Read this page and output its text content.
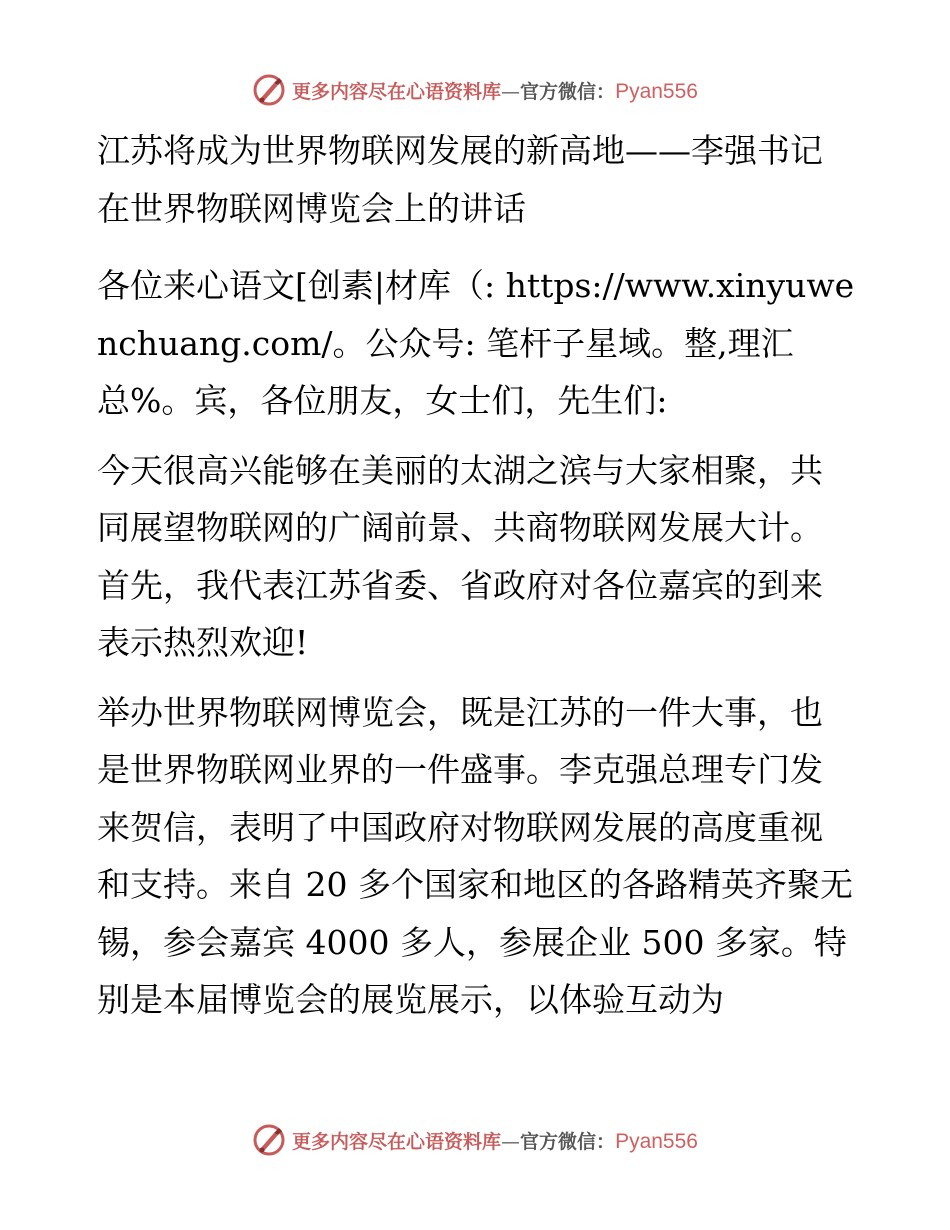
更多内容尽在心语资料库—官方微信：Pyan556

江苏将成为世界物联网发展的新高地——李强书记在世界物联网博览会上的讲话

各位来心语文[创素|材库（: https://www.xinyuwenchuang.com/。公众号: 笔杆子星域。整,理汇总%。宾，各位朋友，女士们，先生们:

今天很高兴能够在美丽的太湖之滨与大家相聚，共同展望物联网的广阔前景、共商物联网发展大计。首先，我代表江苏省委、省政府对各位嘉宾的到来表示热烈欢迎!

举办世界物联网博览会，既是江苏的一件大事，也是世界物联网业界的一件盛事。李克强总理专门发来贺信，表明了中国政府对物联网发展的高度重视和支持。来自 20 多个国家和地区的各路精英齐聚无锡，参会嘉宾 4000 多人，参展企业 500 多家。特别是本届博览会的展览展示，以体验互动为

更多内容尽在心语资料库—官方微信：Pyan556
